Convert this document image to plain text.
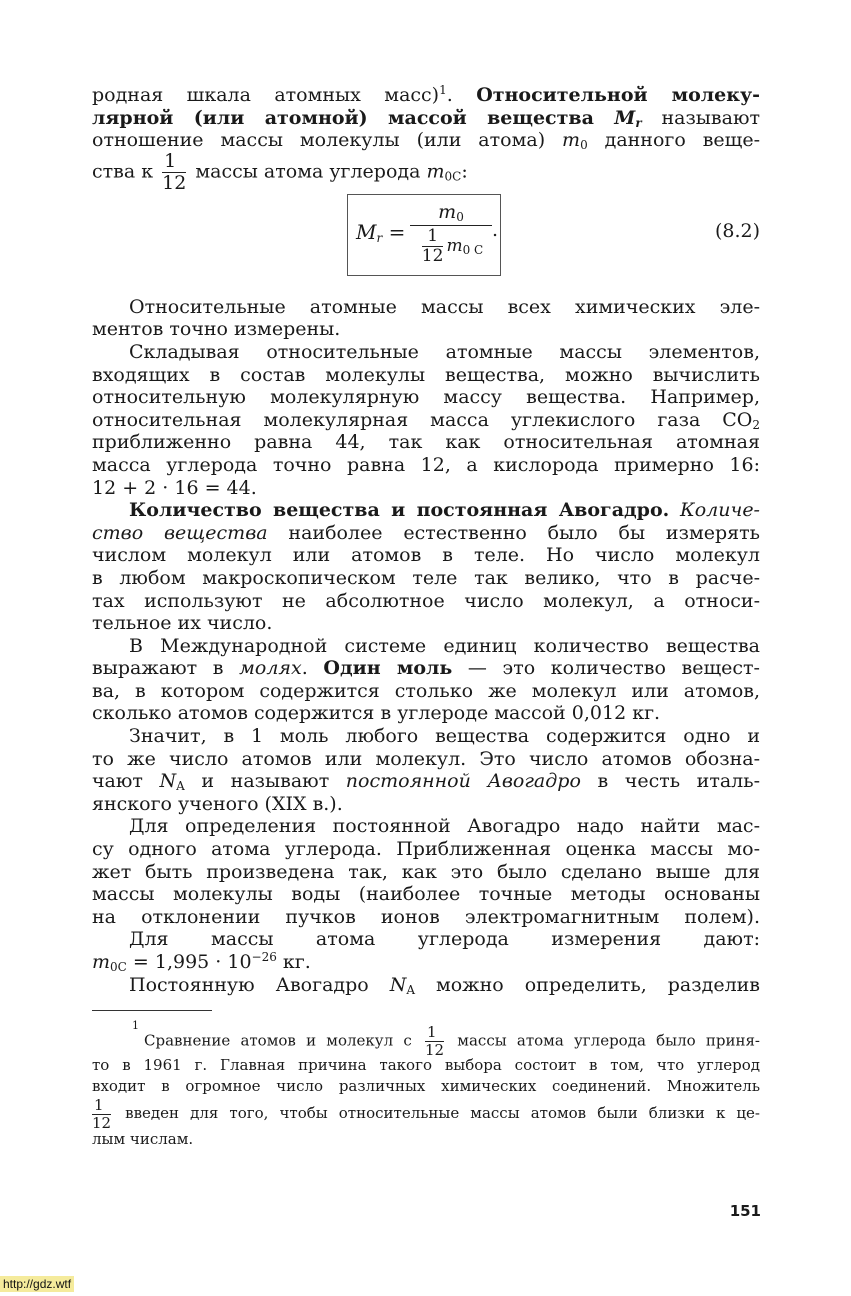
родная шкала атомных масс)$^1$. Относительной молеку-
лярной (или атомной) массой вещества $M_r$ называют
отношение массы молекулы (или атома) $m_0$ данного веще-
ства к $\frac{1}{12}$ массы атома углерода $m_{0C}$:
$M_r = \frac{m_0}{\frac{1}{12} m_{0 C}}$ .	(8.2)
Относительные атомные массы всех химических эле-
ментов точно измерены.
Складывая относительные атомные массы элементов,
входящих в состав молекулы вещества, можно вычислить
относительную молекулярную массу вещества. Например,
относительная молекулярная масса углекислого газа $CO_2$
приближенно равна 44, так как относительная атомная
масса углерода точно равна 12, а кислорода примерно 16:
12 + 2 · 16 = 44.
Количество вещества и постоянная Авогадро. Количе-
ство вещества наиболее естественно было бы измерять
числом молекул или атомов в теле. Но число молекул
в любом макроскопическом теле так велико, что в расче-
тах используют не абсолютное число молекул, а относи-
тельное их число.
В Международной системе единиц количество вещества
выражают в молях. Один моль — это количество вещест-
ва, в котором содержится столько же молекул или атомов,
сколько атомов содержится в углероде массой 0,012 кг.
Значит, в 1 моль любого вещества содержится одно и
то же число атомов или молекул. Это число атомов обозна-
чают $N_A$ и называют постоянной Авогадро в честь италь-
янского ученого (XIX в.).
Для определения постоянной Авогадро надо найти мас-
су одного атома углерода. Приближенная оценка массы мо-
жет быть произведена так, как это было сделано выше для
массы молекулы воды (наиболее точные методы основаны
на отклонении пучков ионов электромагнитным полем).
Для массы атома углерода измерения дают:
$m_{0C} = 1,995 \cdot 10^{-26}$ кг.
Постоянную Авогадро $N_A$ можно определить, разделив
1
Сравнение атомов и молекул с $\frac{1}{12}$ массы атома углерода было приня-
то в 1961 г. Главная причина такого выбора состоит в том, что углерод
входит в огромное число различных химических соединений. Множитель
$\frac{1}{12}$ введен для того, чтобы относительные массы атомов были близки к це-
лым числам.
151
http://gdz.wtf
